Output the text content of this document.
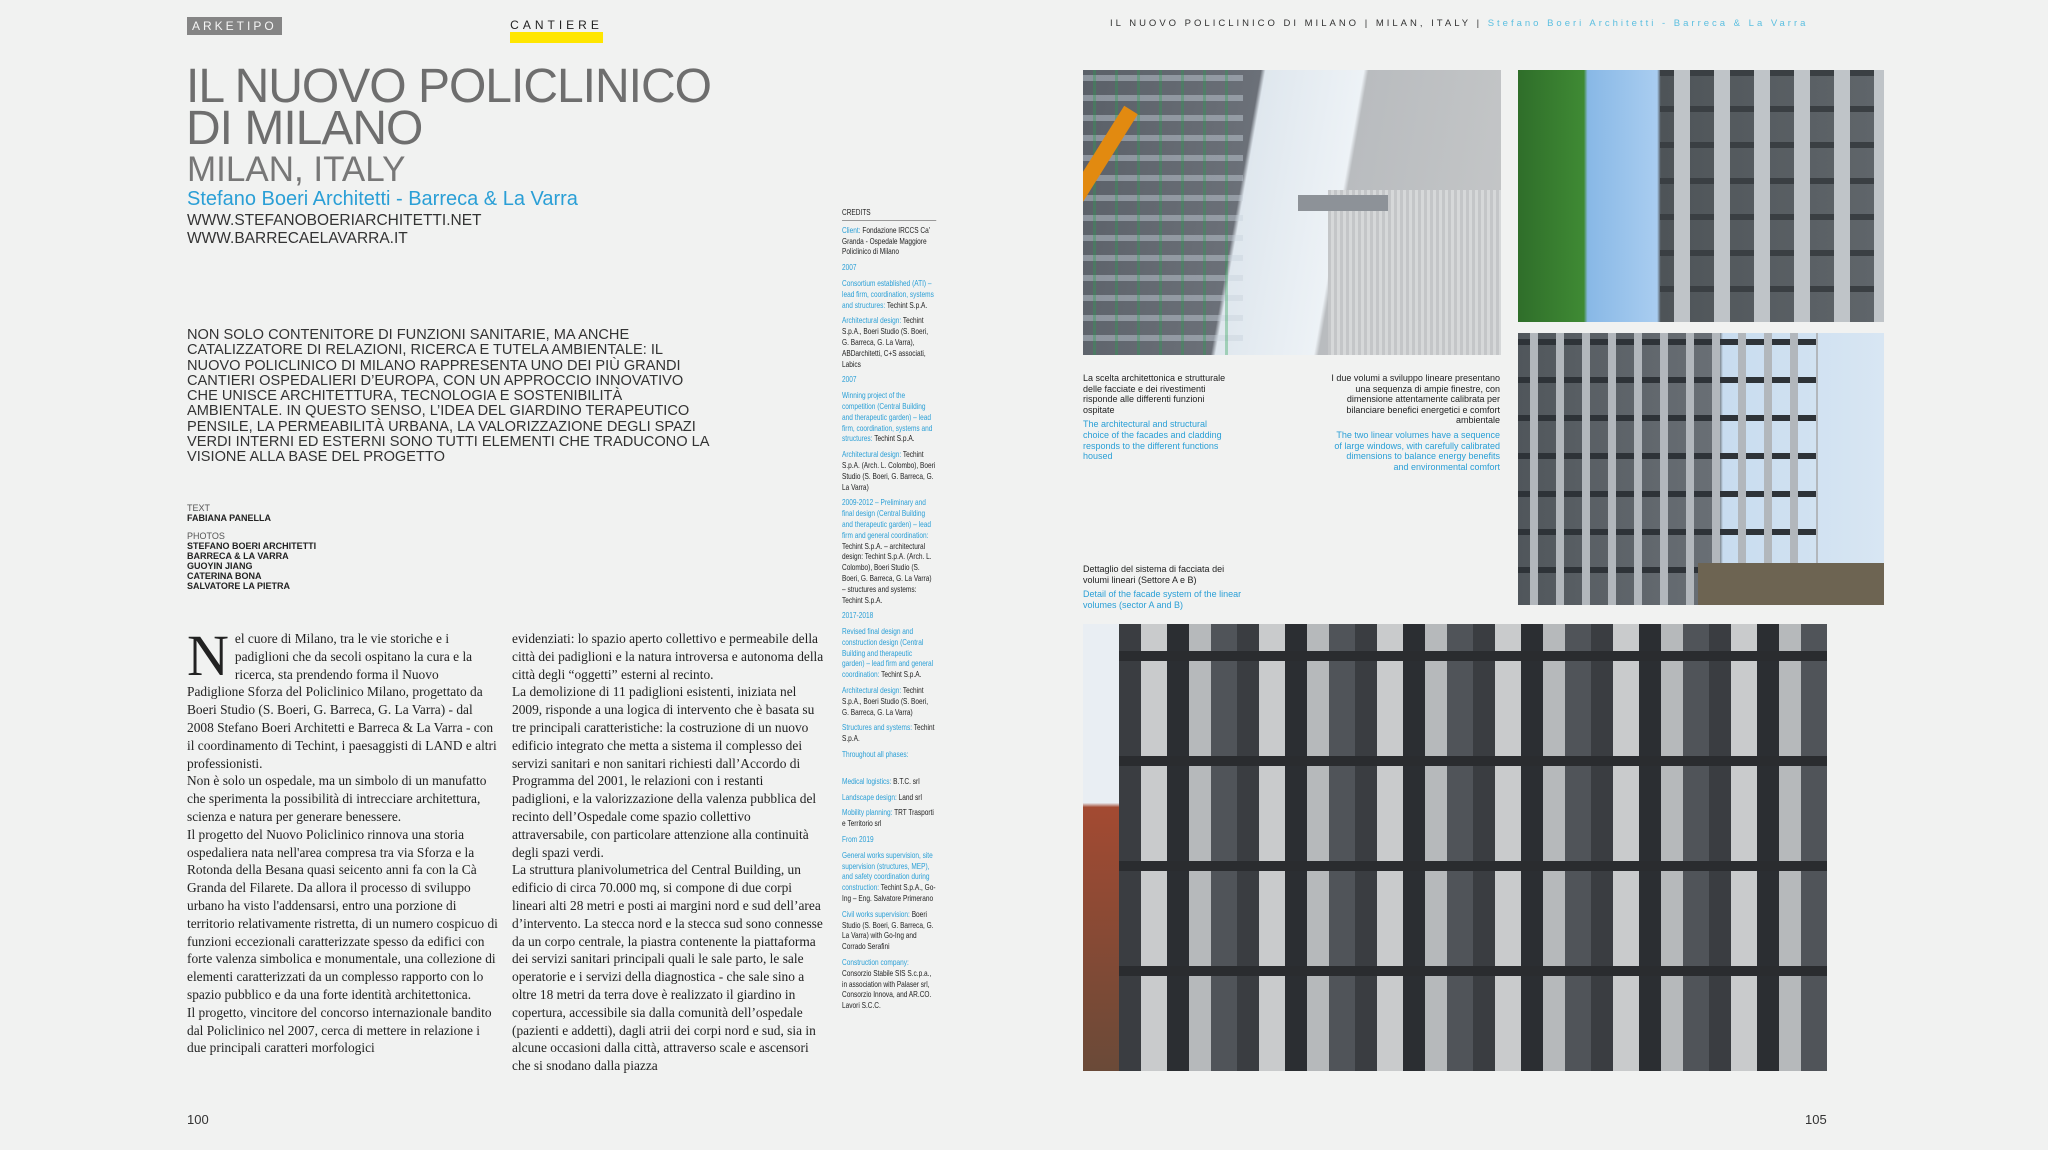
ARKETIPO	CANTIERE
IL NUOVO POLICLINICO
DI MILANO
MILAN, ITALY
Stefano Boeri Architetti - Barreca & La Varra
WWW.STEFANOBOERIARCHITETTI.NET
WWW.BARRECAELAVARRA.IT
NON SOLO CONTENITORE DI FUNZIONI SANITARIE, MA ANCHE CATALIZZATORE DI RELAZIONI, RICERCA E TUTELA AMBIENTALE: IL NUOVO POLICLINICO DI MILANO RAPPRESENTA UNO DEI PIÙ GRANDI CANTIERI OSPEDALIERI D’EUROPA, CON UN APPROCCIO INNOVATIVO CHE UNISCE ARCHITETTURA, TECNOLOGIA E SOSTENIBILITÀ AMBIENTALE. IN QUESTO SENSO, L’IDEA DEL GIARDINO TERAPEUTICO PENSILE, LA PERMEABILITÀ URBANA, LA VALORIZZAZIONE DEGLI SPAZI VERDI INTERNI ED ESTERNI SONO TUTTI ELEMENTI CHE TRADUCONO LA VISIONE ALLA BASE DEL PROGETTO
TEXT
FABIANA PANELLA
PHOTOS
STEFANO BOERI ARCHITETTI
BARRECA & LA VARRA
GUOYIN JIANG
CATERINA BONA
SALVATORE LA PIETRA
N el cuore di Milano, tra le vie storiche e i padiglioni che da secoli ospitano la cura e la ricerca, sta prendendo forma il Nuovo Padiglione Sforza del Policlinico Milano, progettato da Boeri Studio (S. Boeri, G. Barreca, G. La Varra) - dal 2008 Stefano Boeri Architetti e Barreca & La Varra - con il coordinamento di Techint, i paesaggisti di LAND e altri professionisti.

Non è solo un ospedale, ma un simbolo di un manufatto che sperimenta la possibilità di intrecciare architettura, scienza e natura per generare benessere.

Il progetto del Nuovo Policlinico rinnova una storia ospedaliera nata nell'area compresa tra via Sforza e la Rotonda della Besana quasi seicento anni fa con la Cà Granda del Filarete. Da allora il processo di sviluppo urbano ha visto l'addensarsi, entro una porzione di territorio relativamente ristretta, di un numero cospicuo di funzioni eccezionali caratterizzate spesso da edifici con forte valenza simbolica e monumentale, una collezione di elementi caratterizzati da un complesso rapporto con lo spazio pubblico e da una forte identità architettonica.

Il progetto, vincitore del concorso internazionale bandito dal Policlinico nel 2007, cerca di mettere in relazione i due principali caratteri morfologici

evidenziati: lo spazio aperto collettivo e permeabile della città dei padiglioni e la natura introversa e autonoma della città degli “oggetti” esterni al recinto.

La demolizione di 11 padiglioni esistenti, iniziata nel 2009, risponde a una logica di intervento che è basata su tre principali caratteristiche: la costruzione di un nuovo edificio integrato che metta a sistema il complesso dei servizi sanitari e non sanitari richiesti dall’Accordo di Programma del 2001, le relazioni con i restanti padiglioni, e la valorizzazione della valenza pubblica del recinto dell’Ospedale come spazio collettivo attraversabile, con particolare attenzione alla continuità degli spazi verdi.

La struttura planivolumetrica del Central Building, un edificio di circa 70.000 mq, si compone di due corpi lineari alti 28 metri e posti ai margini nord e sud dell’area d’intervento. La stecca nord e la stecca sud sono connesse da un corpo centrale, la piastra contenente la piattaforma dei servizi sanitari principali quali le sale parto, le sale operatorie e i servizi della diagnostica - che sale sino a oltre 18 metri da terra dove è realizzato il giardino in copertura, accessibile sia dalla comunità dell’ospedale (pazienti e addetti), dagli atrii dei corpi nord e sud, sia in alcune occasioni dalla città, attraverso scale e ascensori che si snodano dalla piazza

CREDITS
Client: Fondazione IRCCS Ca' Granda - Ospedale Maggiore Policlinico di Milano
2007
Consortium established (ATI) – lead firm, coordination, systems and structures: Techint S.p.A.
Architectural design: Techint S.p.A., Boeri Studio (S. Boeri, G. Barreca, G. La Varra), ABDarchitetti, C+S associati, Labics
2007
Winning project of the competition (Central Building and therapeutic garden) – lead firm, coordination, systems and structures: Techint S.p.A.
Architectural design: Techint S.p.A. (Arch. L. Colombo), Boeri Studio (S. Boeri, G. Barreca, G. La Varra)
2009-2012 – Preliminary and final design (Central Building and therapeutic garden) – lead firm and general coordination: Techint S.p.A. – architectural design: Techint S.p.A. (Arch. L. Colombo), Boeri Studio (S. Boeri, G. Barreca, G. La Varra) – structures and systems: Techint S.p.A.
2017-2018
Revised final design and construction design (Central Building and therapeutic garden) – lead firm and general coordination: Techint S.p.A.
Architectural design: Techint S.p.A., Boeri Studio (S. Boeri, G. Barreca, G. La Varra)
Structures and systems: Techint S.p.A.
Throughout all phases:
Medical logistics: B.T.C. srl
Landscape design: Land srl
Mobility planning: TRT Trasporti e Territorio srl
From 2019
General works supervision, site supervision (structures, MEP), and safety coordination during construction: Techint S.p.A., Go-Ing – Eng. Salvatore Primerano
Civil works supervision: Boeri Studio (S. Boeri, G. Barreca, G. La Varra) with Go-Ing and Corrado Serafini
Construction company: Consorzio Stabile SIS S.c.p.a., in association with Palaser srl, Consorzio Innova, and AR.CO. Lavori S.C.C.
100	105
IL NUOVO POLICLINICO DI MILANO | MILAN, ITALY | Stefano Boeri Architetti - Barreca & La Varra
La scelta architettonica e strutturale delle facciate e dei rivestimenti risponde alle differenti funzioni ospitate
The architectural and structural choice of the facades and cladding responds to the different functions housed
I due volumi a sviluppo lineare presentano una sequenza di ampie finestre, con dimensione attentamente calibrata per bilanciare benefici energetici e comfort ambientale
The two linear volumes have a sequence of large windows, with carefully calibrated dimensions to balance energy benefits and environmental comfort
Dettaglio del sistema di facciata dei volumi lineari (Settore A e B)
Detail of the facade system of the linear volumes (sector A and B)
